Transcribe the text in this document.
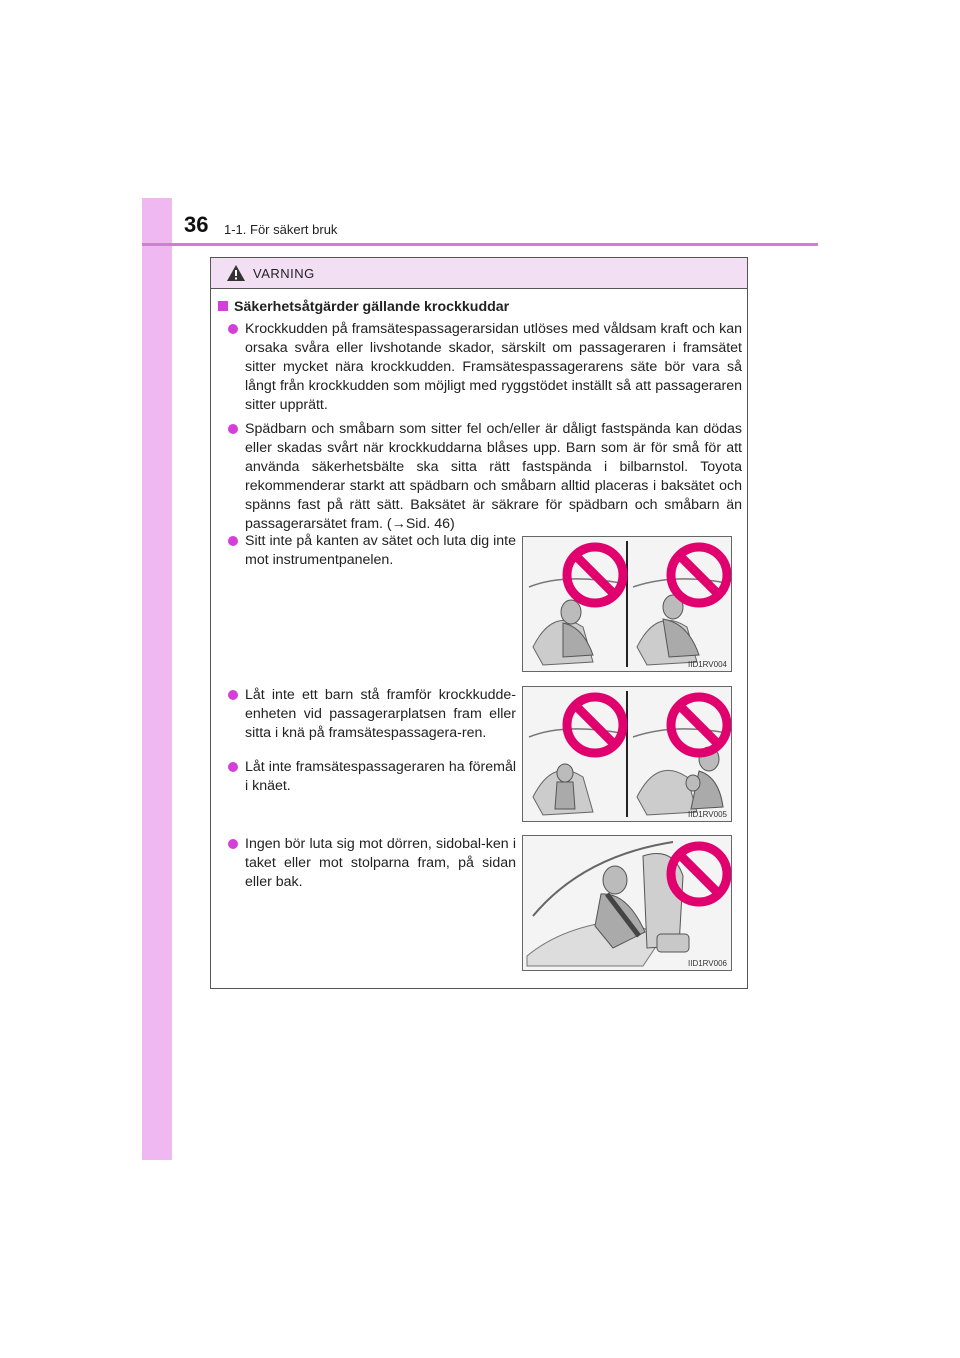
36 1-1. För säkert bruk
VARNING
Säkerhetsåtgärder gällande krockkuddar
Krockkudden på framsätespassagerarsidan utlöses med våldsam kraft och kan orsaka svåra eller livshotande skador, särskilt om passageraren i framsätet sitter mycket nära krockkudden. Framsätespassagerarens säte bör vara så långt från krockkudden som möjligt med ryggstödet inställt så att passageraren sitter upprätt.
Spädbarn och småbarn som sitter fel och/eller är dåligt fastspända kan dödas eller skadas svårt när krockkuddarna blåses upp. Barn som är för små för att använda säkerhetsbälte ska sitta rätt fastspända i bilbarnstol. Toyota rekommenderar starkt att spädbarn och småbarn alltid placeras i baksätet och spänns fast på rätt sätt. Baksätet är säkrare för spädbarn och småbarn än passagerarsätet fram. (→Sid. 46)
Sitt inte på kanten av sätet och luta dig inte mot instrumentpanelen.
Låt inte ett barn stå framför krockkudde-enheten vid passagerarplatsen fram eller sitta i knä på framsätespassagera-ren.
Låt inte framsätespassageraren ha föremål i knäet.
Ingen bör luta sig mot dörren, sidobal-ken i taket eller mot stolparna fram, på sidan eller bak.
IID1RV004
IID1RV005
IID1RV006
